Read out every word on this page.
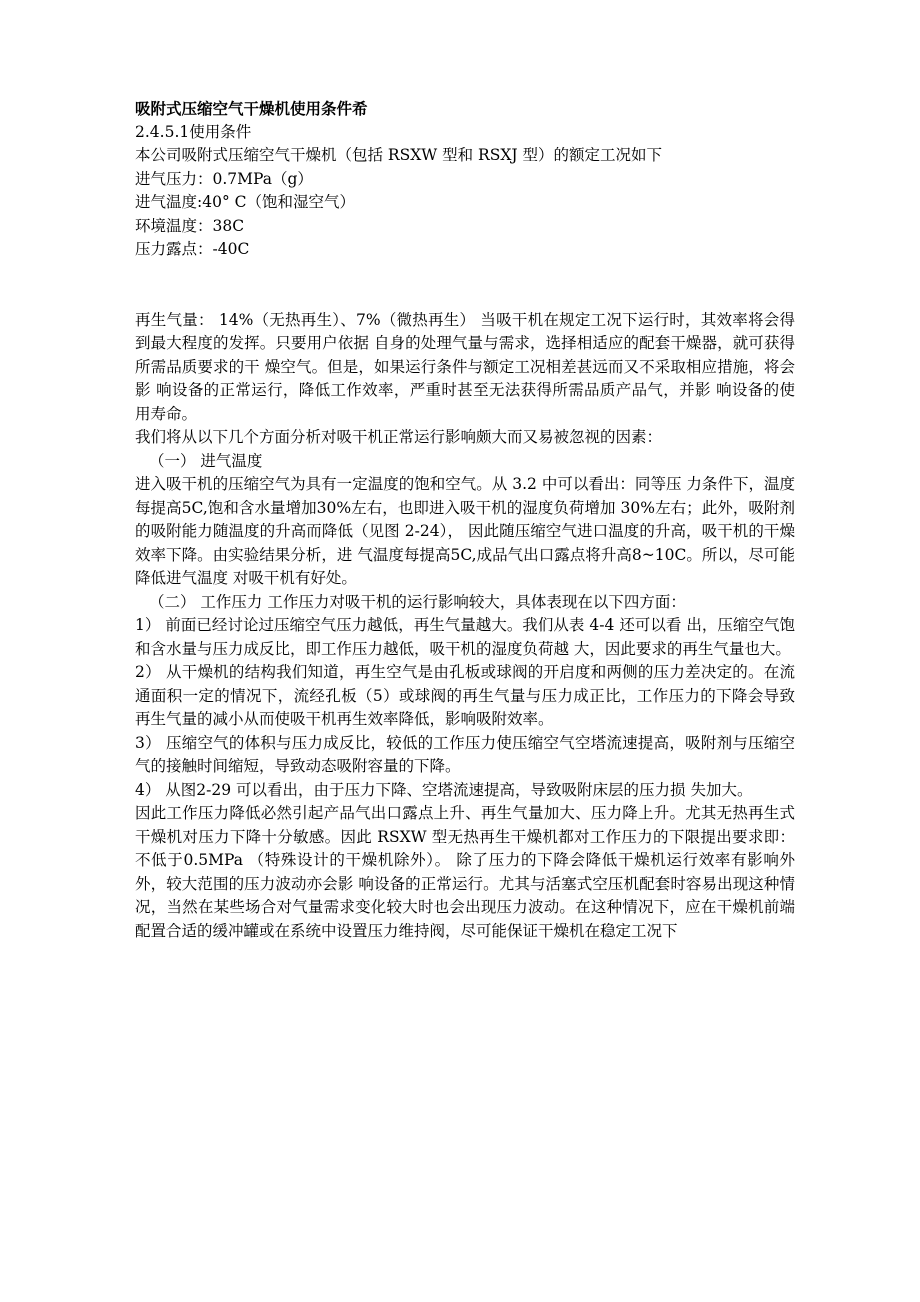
吸附式压缩空气干燥机使用条件希

2.4.5.1使用条件

本公司吸附式压缩空气干燥机（包括 RSXW 型和 RSXJ 型）的额定工况如下

进气压力：0.7MPa（g）

进气温度:40° C（饱和湿空气）

环境温度：38C

压力露点：-40C

再生气量： 14%（无热再生）、7%（微热再生） 当吸干机在规定工况下运行时，其效率将会得到最大程度的发挥。只要用户依据 自身的处理气量与需求，选择相适应的配套干燥器，就可获得所需品质要求的干 燥空气。但是，如果运行条件与额定工况相差甚远而又不采取相应措施，将会影 响设备的正常运行，降低工作效率，严重时甚至无法获得所需品质产品气，并影 响设备的使用寿命。

我们将从以下几个方面分析对吸干机正常运行影响颇大而又易被忽视的因素：

（一） 进气温度

进入吸干机的压缩空气为具有一定温度的饱和空气。从 3.2 中可以看出：同等压 力条件下，温度每提高5C,饱和含水量增加30%左右，也即进入吸干机的湿度负荷增加 30%左右；此外，吸附剂的吸附能力随温度的升高而降低（见图 2-24）， 因此随压缩空气进口温度的升高，吸干机的干燥效率下降。由实验结果分析，进 气温度每提高5C,成品气出口露点将升高8~10C。所以，尽可能降低进气温度 对吸干机有好处。

（二） 工作压力 工作压力对吸干机的运行影响较大，具体表现在以下四方面：

1） 前面已经讨论过压缩空气压力越低，再生气量越大。我们从表 4-4 还可以看 出，压缩空气饱和含水量与压力成反比，即工作压力越低，吸干机的湿度负荷越 大，因此要求的再生气量也大。

2） 从干燥机的结构我们知道，再生空气是由孔板或球阀的开启度和两侧的压力差决定的。在流通面积一定的情况下，流经孔板（5）或球阀的再生气量与压力成正比，工作压力的下降会导致再生气量的减小从而使吸干机再生效率降低，影响吸附效率。

3） 压缩空气的体积与压力成反比，较低的工作压力使压缩空气空塔流速提高，吸附剂与压缩空气的接触时间缩短，导致动态吸附容量的下降。

4） 从图2-29 可以看出，由于压力下降、空塔流速提高，导致吸附床层的压力损 失加大。

因此工作压力降低必然引起产品气出口露点上升、再生气量加大、压力降上升。尤其无热再生式干燥机对压力下降十分敏感。因此 RSXW 型无热再生干燥机都对工作压力的下限提出要求即：不低于0.5MPa （特殊设计的干燥机除外）。 除了压力的下降会降低干燥机运行效率有影响外外，较大范围的压力波动亦会影 响设备的正常运行。尤其与活塞式空压机配套时容易出现这种情况，当然在某些场合对气量需求变化较大时也会出现压力波动。在这种情况下，应在干燥机前端配置合适的缓冲罐或在系统中设置压力维持阀，尽可能保证干燥机在稳定工况下
